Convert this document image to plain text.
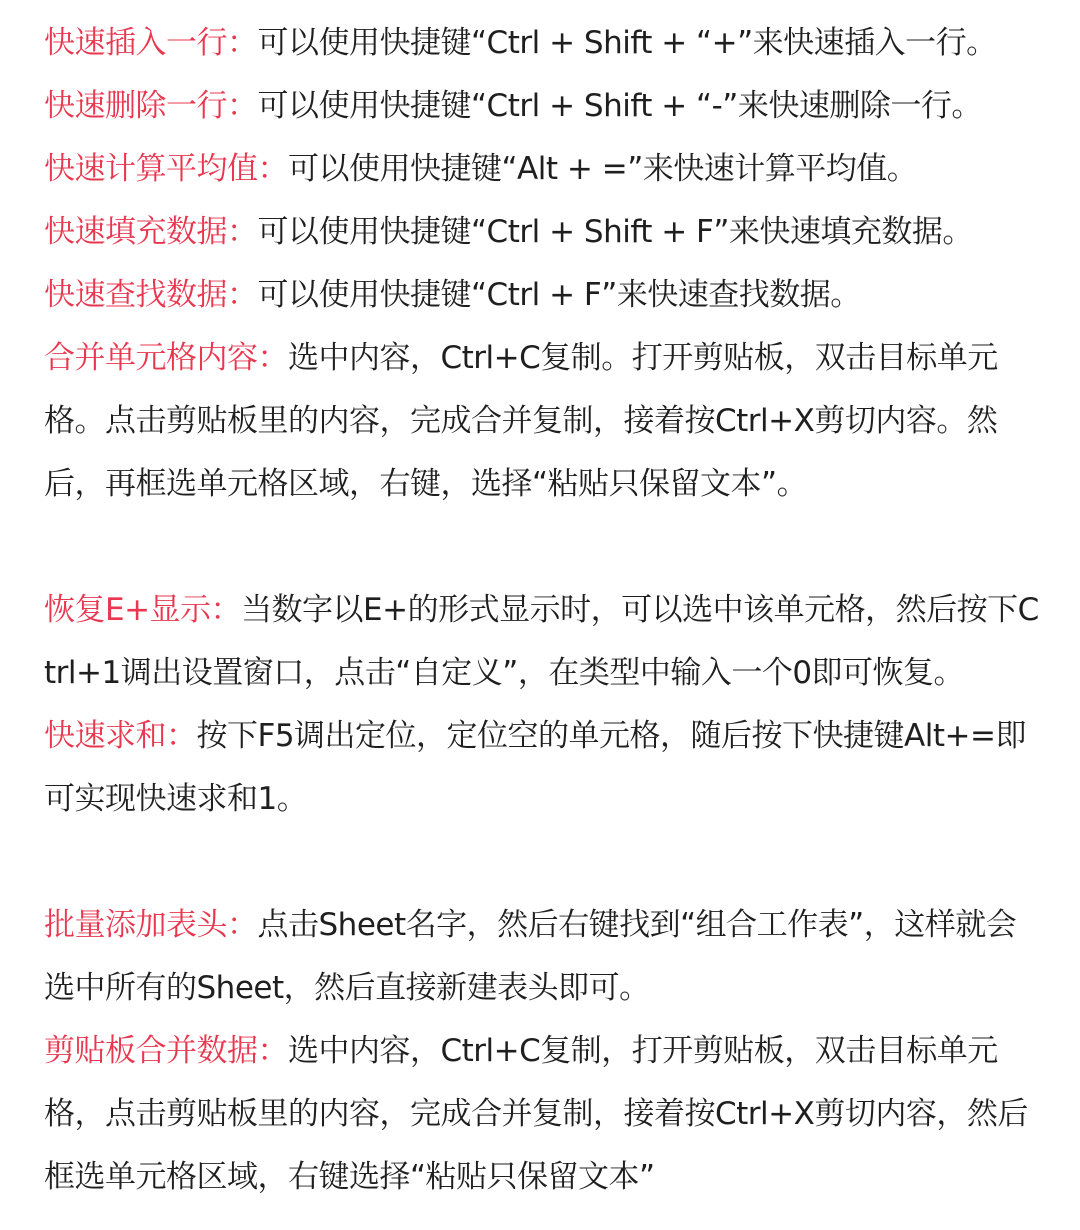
快速插入一行：可以使用快捷键“Ctrl + Shift + “+”来快速插入一行。

快速删除一行：可以使用快捷键“Ctrl + Shift + “-”来快速删除一行。

快速计算平均值：可以使用快捷键“Alt + =”来快速计算平均值。

快速填充数据：可以使用快捷键“Ctrl + Shift + F”来快速填充数据。

快速查找数据：可以使用快捷键“Ctrl + F”来快速查找数据。

合并单元格内容：选中内容，Ctrl+C复制。打开剪贴板，双击目标单元格。点击剪贴板里的内容，完成合并复制，接着按Ctrl+X剪切内容。然后，再框选单元格区域，右键，选择“粘贴只保留文本”。

恢复E+显示：当数字以E+的形式显示时，可以选中该单元格，然后按下Ctrl+1调出设置窗口，点击“自定义”，在类型中输入一个0即可恢复。

快速求和：按下F5调出定位，定位空的单元格，随后按下快捷键Alt+=即可实现快速求和1。

批量添加表头：点击Sheet名字，然后右键找到“组合工作表”，这样就会选中所有的Sheet，然后直接新建表头即可。

剪贴板合并数据：选中内容，Ctrl+C复制，打开剪贴板，双击目标单元格，点击剪贴板里的内容，完成合并复制，接着按Ctrl+X剪切内容，然后框选单元格区域，右键选择“粘贴只保留文本”
